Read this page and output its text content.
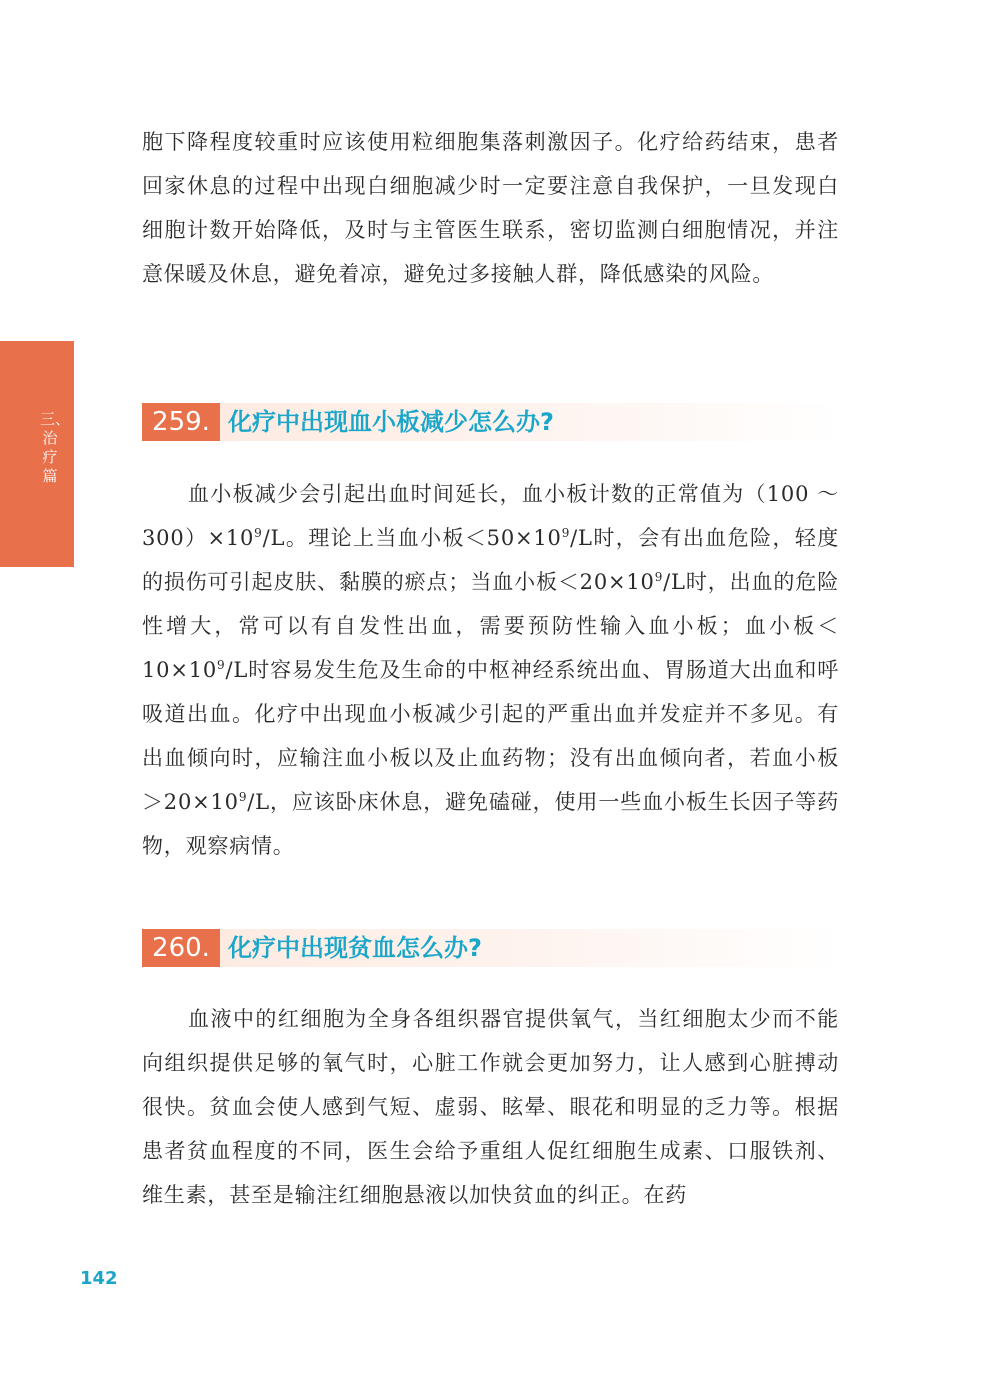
三、治疗篇

胞下降程度较重时应该使用粒细胞集落刺激因子。化疗给药结束，患者回家休息的过程中出现白细胞减少时一定要注意自我保护，一旦发现白细胞计数开始降低，及时与主管医生联系，密切监测白细胞情况，并注意保暖及休息，避免着凉，避免过多接触人群，降低感染的风险。

259. 化疗中出现血小板减少怎么办?

血小板减少会引起出血时间延长，血小板计数的正常值为（100 ～ $300)\times 10^9/L$。理论上当血小板$<50\times 10^9/L$时，会有出血危险，轻度的损伤可引起皮肤、黏膜的瘀点；当血小板$<20\times 10^9/L$时，出血的危险性增大，常可以有自发性出血，需要预防性输入血小板；血小板$<10\times 10^9/L$时容易发生危及生命的中枢神经系统出血、胃肠道大出血和呼吸道出血。化疗中出现血小板减少引起的严重出血并发症并不多见。有出血倾向时，应输注血小板以及止血药物；没有出血倾向者，若血小板$>20\times 10^9/L$，应该卧床休息，避免磕碰，使用一些血小板生长因子等药物，观察病情。

260. 化疗中出现贫血怎么办?

血液中的红细胞为全身各组织器官提供氧气，当红细胞太少而不能向组织提供足够的氧气时，心脏工作就会更加努力，让人感到心脏搏动很快。贫血会使人感到气短、虚弱、眩晕、眼花和明显的乏力等。根据患者贫血程度的不同，医生会给予重组人促红细胞生成素、口服铁剂、维生素，甚至是输注红细胞悬液以加快贫血的纠正。在药

142
